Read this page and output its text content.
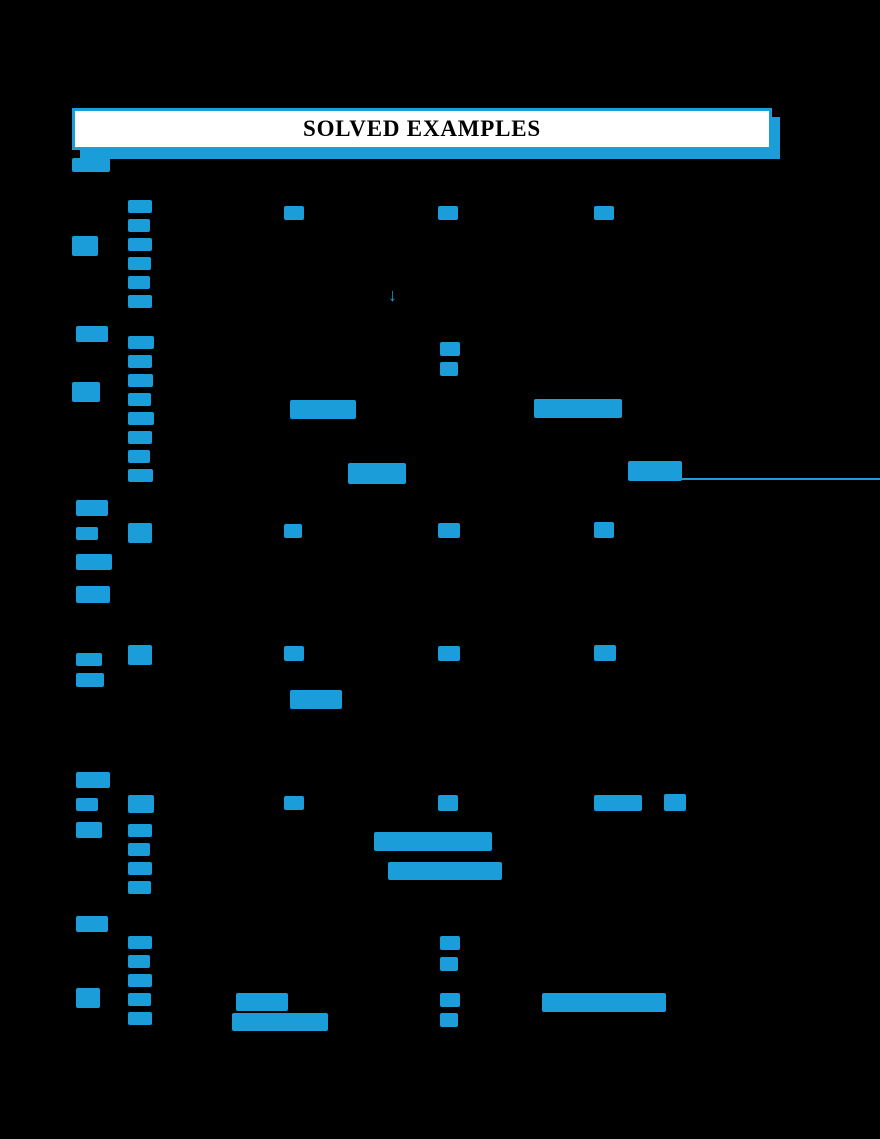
SOLVED EXAMPLES
↓
